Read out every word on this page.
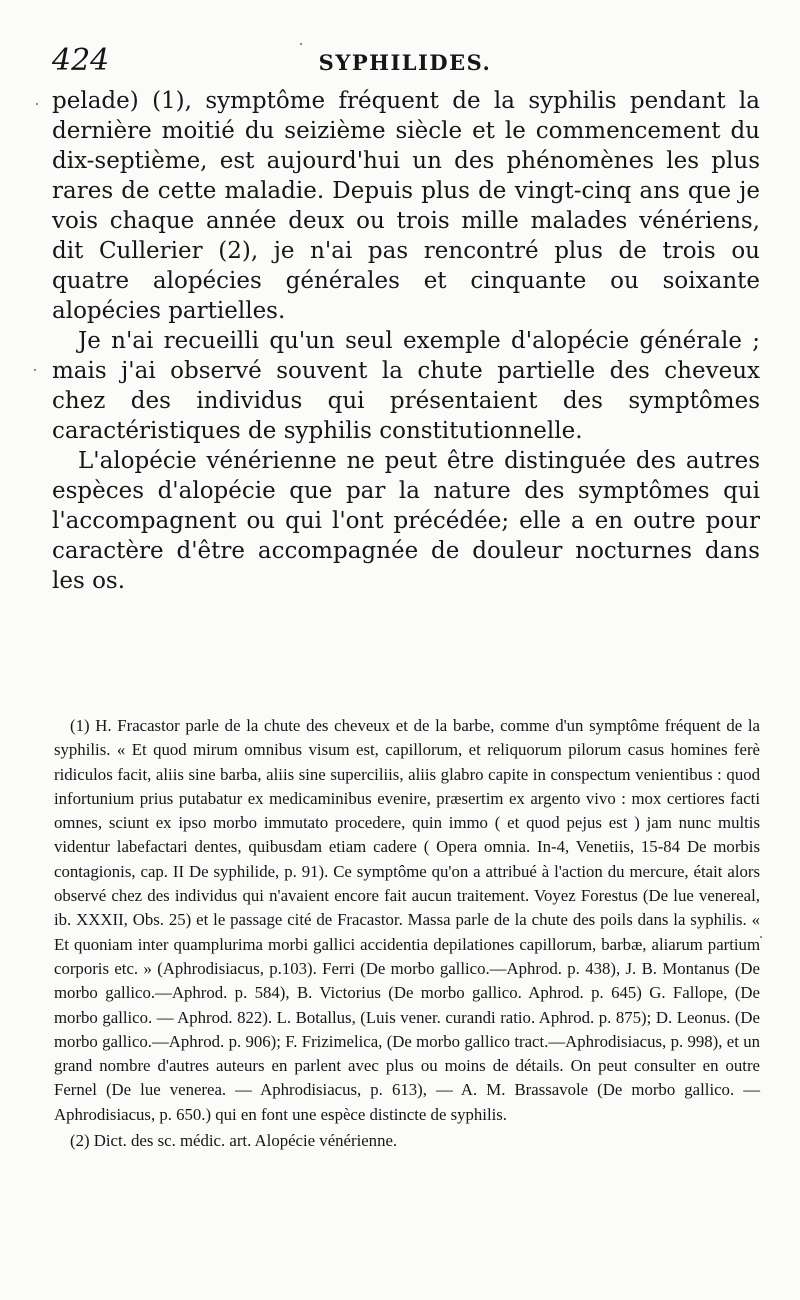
424	SYPHILIDES.

pelade) (1), symptôme fréquent de la syphilis pendant la dernière moitié du seizième siècle et le commencement du dix-septième, est aujourd'hui un des phénomènes les plus rares de cette maladie. Depuis plus de vingt-cinq ans que je vois chaque année deux ou trois mille malades vénériens, dit Cullerier (2), je n'ai pas rencontré plus de trois ou quatre alopécies générales et cinquante ou soixante alopécies partielles.

Je n'ai recueilli qu'un seul exemple d'alopécie générale ; mais j'ai observé souvent la chute partielle des cheveux chez des individus qui présentaient des symptômes caractéristiques de syphilis constitutionnelle.

L'alopécie vénérienne ne peut être distinguée des autres espèces d'alopécie que par la nature des symptômes qui l'accompagnent ou qui l'ont précédée; elle a en outre pour caractère d'être accompagnée de douleur nocturnes dans les os.

(1) H. Fracastor parle de la chute des cheveux et de la barbe, comme d'un symptôme fréquent de la syphilis. « Et quod mirum omnibus visum est, capillorum, et reliquorum pilorum casus homines ferè ridiculos facit, aliis sine barba, aliis sine superciliis, aliis glabro capite in conspectum venientibus : quod infortunium prius putabatur ex medicaminibus evenire, præsertim ex argento vivo : mox certiores facti omnes, sciunt ex ipso morbo immutato procedere, quin immo ( et quod pejus est ) jam nunc multis videntur labefactari dentes, quibusdam etiam cadere ( Opera omnia. In-4, Venetiis, 15-84 De morbis contagionis, cap. II De syphilide, p. 91). Ce symptôme qu'on a attribué à l'action du mercure, était alors observé chez des individus qui n'avaient encore fait aucun traitement. Voyez Forestus (De lue venereal, ib. XXXII, Obs. 25) et le passage cité de Fracastor. Massa parle de la chute des poils dans la syphilis. « Et quoniam inter quamplurima morbi gallici accidentia depilationes capillorum, barbæ, aliarum partium corporis etc. » (Aphrodisiacus, p.103). Ferri (De morbo gallico.—Aphrod. p. 438), J. B. Montanus (De morbo gallico.—Aphrod. p. 584), B. Victorius (De morbo gallico. Aphrod. p. 645) G. Fallope, (De morbo gallico. — Aphrod. 822). L. Botallus, (Luis vener. curandi ratio. Aphrod. p. 875); D. Leonus. (De morbo gallico.—Aphrod. p. 906); F. Frizimelica, (De morbo gallico tract.—Aphrodisiacus, p. 998), et un grand nombre d'autres auteurs en parlent avec plus ou moins de détails. On peut consulter en outre Fernel (De lue venerea. — Aphrodisiacus, p. 613), — A. M. Brassavole (De morbo gallico. —Aphrodisiacus, p. 650.) qui en font une espèce distincte de syphilis.

(2) Dict. des sc. médic. art. Alopécie vénérienne.
